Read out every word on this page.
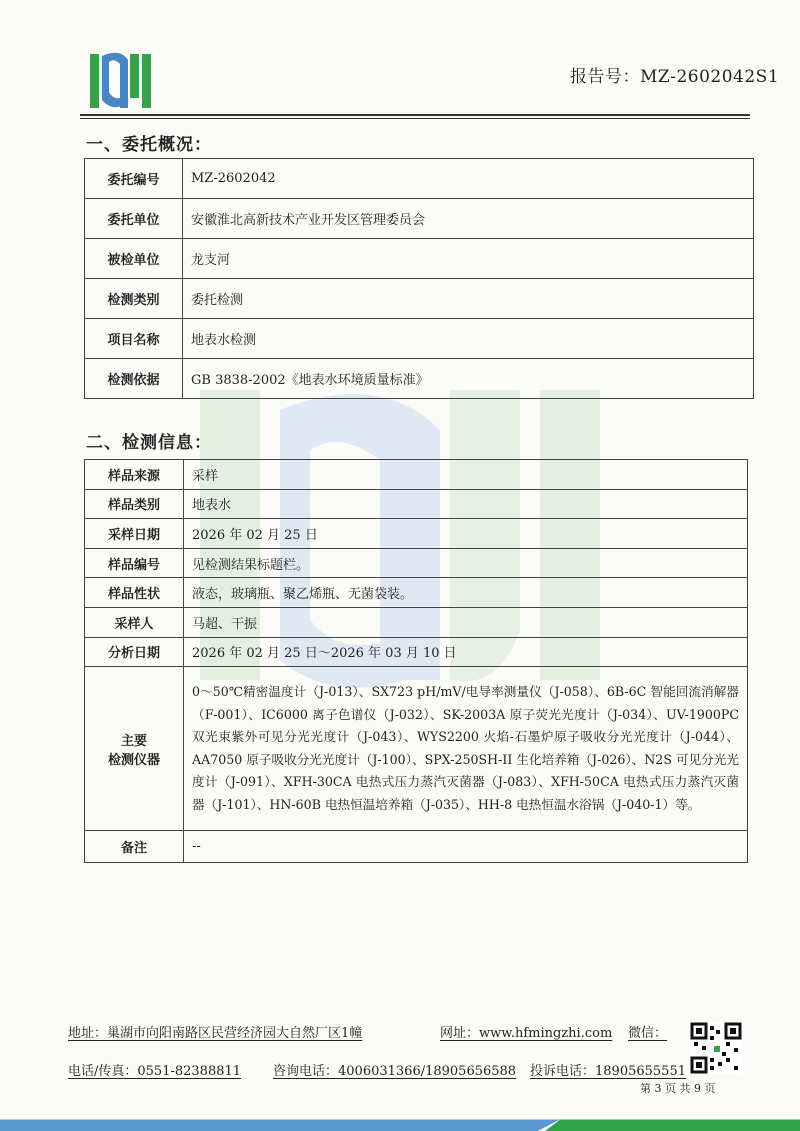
报告号：MZ-2602042S1
一、委托概况：
委托编号	MZ-2602042
委托单位	安徽淮北高新技术产业开发区管理委员会
被检单位	龙支河
检测类别	委托检测
项目名称	地表水检测
检测依据	GB 3838-2002《地表水环境质量标准》
二、检测信息：
样品来源	采样
样品类别	地表水
采样日期	2026 年 02 月 25 日
样品编号	见检测结果标题栏。
样品性状	液态，玻璃瓶、聚乙烯瓶、无菌袋装。
采样人	马超、干振
分析日期	2026 年 02 月 25 日～2026 年 03 月 10 日

主要
检测仪器	0～50℃精密温度计（J-013）、SX723 pH/mV/电导率测量仪（J-058）、6B-6C 智能回流消解器（F-001）、IC6000 离子色谱仪（J-032）、SK-2003A 原子荧光光度计（J-034）、UV-1900PC 双光束紫外可见分光光度计（J-043）、WYS2200 火焰-石墨炉原子吸收分光光度计（J-044）、AA7050 原子吸收分光光度计（J-100）、SPX-250SH-II 生化培养箱（J-026）、N2S 可见分光光度计（J-091）、XFH-30CA 电热式压力蒸汽灭菌器（J-083）、XFH-50CA 电热式压力蒸汽灭菌器（J-101）、HN-60B 电热恒温培养箱（J-035）、HH-8 电热恒温水浴锅（J-040-1）等。
备注	--
地址：巢湖市向阳南路区民营经济园大自然厂区1幢	网址：www.hfmingzhi.com 微信：
电话/传真：0551-82388811 咨询电话：4006031366/18905656588 投诉电话：18905655551
第 3 页 共 9 页
